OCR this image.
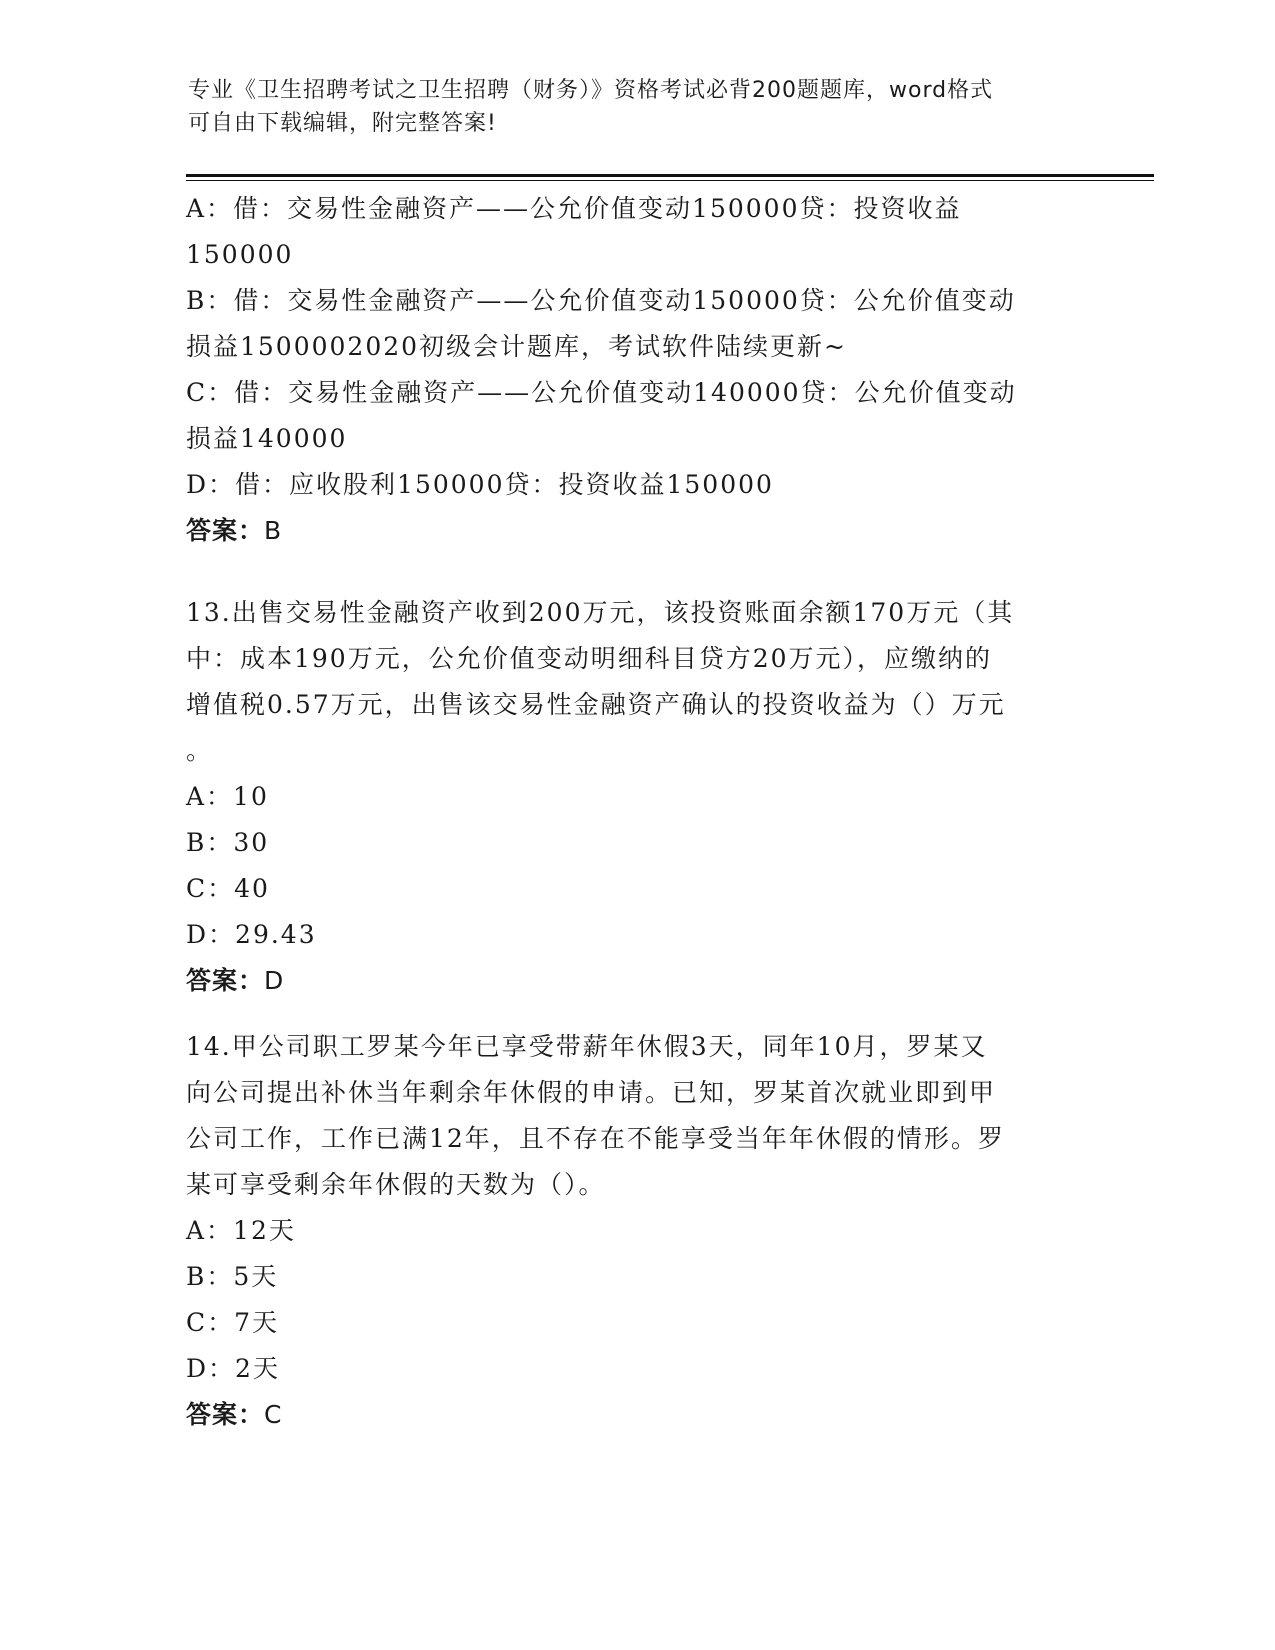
专业《卫生招聘考试之卫生招聘（财务）》资格考试必背200题题库，word格式
可自由下载编辑，附完整答案!
A：借：交易性金融资产——公允价值变动150000贷：投资收益
150000
B：借：交易性金融资产——公允价值变动150000贷：公允价值变动
损益1500002020初级会计题库，考试软件陆续更新~
C：借：交易性金融资产——公允价值变动140000贷：公允价值变动
损益140000
D：借：应收股利150000贷：投资收益150000
答案：B
13.出售交易性金融资产收到200万元，该投资账面余额170万元（其
中：成本190万元，公允价值变动明细科目贷方20万元），应缴纳的
增值税0.57万元，出售该交易性金融资产确认的投资收益为（）万元
。
A：10
B：30
C：40
D：29.43
答案：D
14.甲公司职工罗某今年已享受带薪年休假3天，同年10月，罗某又
向公司提出补休当年剩余年休假的申请。已知，罗某首次就业即到甲
公司工作，工作已满12年，且不存在不能享受当年年休假的情形。罗
某可享受剩余年休假的天数为（）。
A：12天
B：5天
C：7天
D：2天
答案：C
